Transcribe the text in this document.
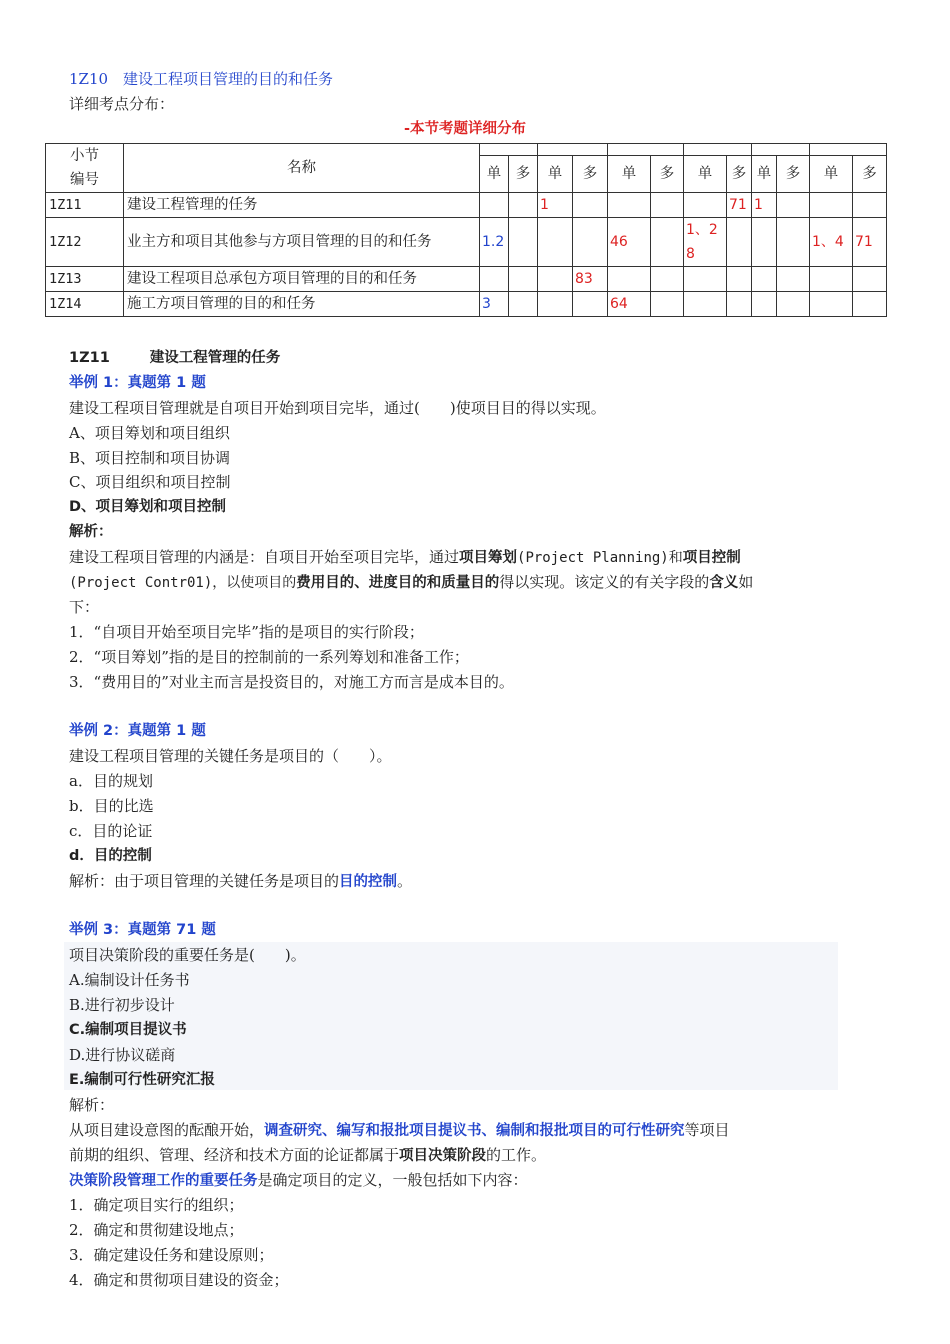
1Z10　建设工程项目管理的目的和任务
详细考点分布：
-本节考题详细分布
小节
编号	名称												
		单	多	单	多	单	多	单	多	单	多	单	多
1Z11	建设工程管理的任务			1					71	1			
1Z12	业主方和项目其他参与方项目管理的目的和任务	1.2				46		1、28				1、4	71
1Z13	建设工程项目总承包方项目管理的目的和任务				83								
1Z14	施工方项目管理的目的和任务	3				64							
1Z11	建设工程管理的任务
举例 1：真题第 1 题
建设工程项目管理就是自项目开始到项目完毕，通过(　　)使项目目的得以实现。
A、项目筹划和项目组织
B、项目控制和项目协调
C、项目组织和项目控制
D、项目筹划和项目控制
解析：
建设工程项目管理的内涵是：自项目开始至项目完毕，通过项目筹划(Project Planning)和项目控制
(Project Contr01)，以使项目的费用目的、进度目的和质量目的得以实现。该定义的有关字段的含义如
下：
1．“自项目开始至项目完毕”指的是项目的实行阶段；
2．“项目筹划”指的是目的控制前的一系列筹划和准备工作；
3．“费用目的”对业主而言是投资目的，对施工方而言是成本目的。
举例 2：真题第 1 题
建设工程项目管理的关键任务是项目的（　　）。
a．目的规划
b．目的比选
c．目的论证
d．目的控制
解析：由于项目管理的关键任务是项目的目的控制。
举例 3：真题第 71 题
项目决策阶段的重要任务是(　　)。
A.编制设计任务书
B.进行初步设计
C.编制项目提议书
D.进行协议磋商
E.编制可行性研究汇报
解析：
从项目建设意图的酝酿开始，调查研究、编写和报批项目提议书、编制和报批项目的可行性研究等项目
前期的组织、管理、经济和技术方面的论证都属于项目决策阶段的工作。
决策阶段管理工作的重要任务是确定项目的定义，一般包括如下内容：
1．确定项目实行的组织；
2．确定和贯彻建设地点；
3．确定建设任务和建设原则；
4．确定和贯彻项目建设的资金；
